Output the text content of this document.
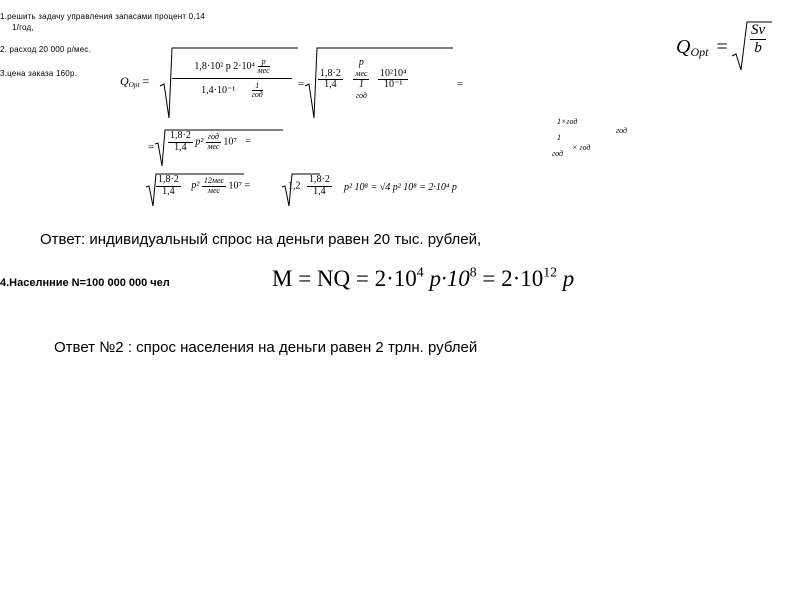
1.решить задачу управления запасами процент 0,14
1/год,
2. расход 20 000 р/мес.
3.цена заказа 160р.
$Q_{Opt} = \frac{Sv}{b}$
$Q_{Opt}$ =
1,8·10² p 2·10⁴ p
мес
1,4·10⁻¹	1
год
= $\frac{1,8\cdot 2}{1,4}$

p
мес
1
год

$\frac{\text{10²10⁴}}{\text{10⁻¹}}$	=
= $\frac{1,8\cdot 2}{1,4} p^2$ год
мес 10⁷ =
1×год
1
год
× год
год
$\frac{1,8\cdot 2}{1,4} p^2$ 12мес
мес 10⁷ =	$1,2 \frac{1,8\cdot 2}{1,4} p^2$ 10⁸ = √4 p² 10⁸ = 2·10⁴ p
Ответ: индивидуальный спрос на деньги равен 20 тыс. рублей,
4.Населнние N=100 000 000 чел	M = NQ = $2\cdot 10^4$ $p\cdot 10^8 = 2\cdot 10^{12}$ p
Ответ №2 : спрос населения на деньги равен 2 трлн. рублей
